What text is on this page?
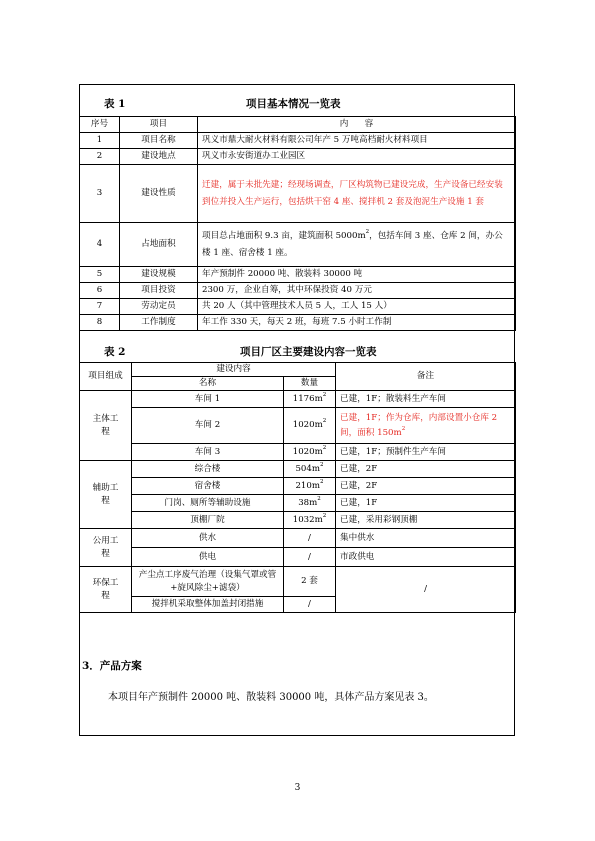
表 1	项目基本情况一览表
序号	项目	内      容
1	项目名称	巩义市鼎大耐火材料有限公司年产 5 万吨高档耐火材料项目
2	建设地点	巩义市永安街道办工业园区
3	建设性质	迁建，属于未批先建；经现场调查，厂区构筑物已建设完成，生产设备已经安装到位并投入生产运行，包括烘干窑 4 座、搅拌机 2 套及泡泥生产设施 1 套
4	占地面积	项目总占地面积 9.3 亩，建筑面积 $5000m^2$，包括车间 3 座、仓库 2 间，办公楼 1 座、宿舍楼 1 座。
5	建设规模	年产预制件 20000 吨、散装料 30000 吨
6	项目投资	2300 万，企业自筹，其中环保投资 40 万元
7	劳动定员	共 20 人（其中管理技术人员 5 人，工人 15 人）
8	工作制度	年工作 330 天，每天 2 班，每班 7.5 小时工作制
表 2	项目厂区主要建设内容一览表
项目组成	建设内容		备注
	名称	数量	
主体工程	车间 1	$1176m^2$	已建，1F；散装料生产车间
	车间 2	$1020m^2$	已建，1F；作为仓库，内部设置小仓库 2 间，面积 $150m^2$
	车间 3	$1020m^2$	已建，1F；预制件生产车间
辅助工程	综合楼	$504m^2$	已建，2F
	宿舍楼	$210m^2$	已建，2F
	门岗、厕所等辅助设施	$38m^2$	已建，1F
	顶棚厂院	$1032m^2$	已建，采用彩钢顶棚
公用工程	供水	/	集中供水
	供电	/	市政供电
环保工程	产尘点工序废气治理（设集气罩或管+旋风除尘+滤袋）	2 套	/
	搅拌机采取整体加盖封闭措施	/	
3．产品方案
本项目年产预制件 20000 吨、散装料 30000 吨，具体产品方案见表 3。
3
